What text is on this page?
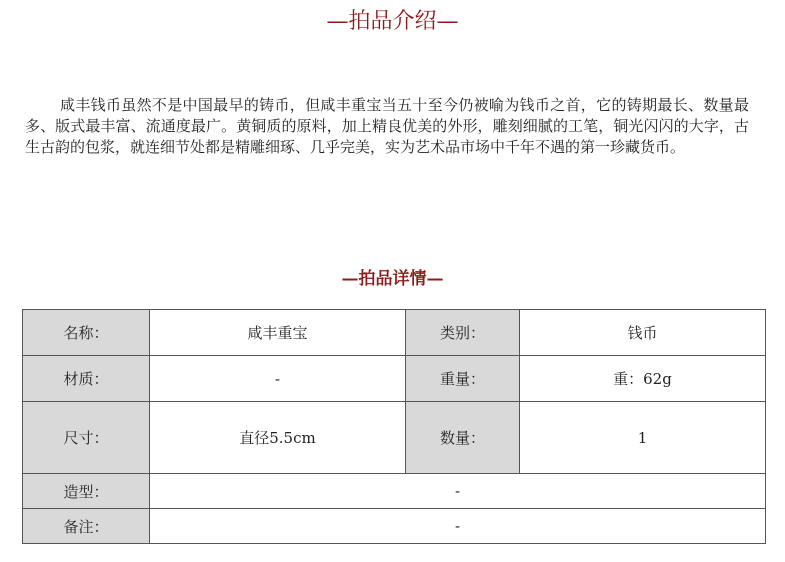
—拍品介绍—

咸丰钱币虽然不是中国最早的铸币，但咸丰重宝当五十至今仍被喻为钱币之首，它的铸期最长、数量最多、版式最丰富、流通度最广。黄铜质的原料，加上精良优美的外形，雕刻细腻的工笔，铜光闪闪的大字，古生古韵的包浆，就连细节处都是精雕细琢、几乎完美，实为艺术品市场中千年不遇的第一珍藏货币。

—拍品详情—
名称：	咸丰重宝	类别：	钱币
材质：	-	重量：	重：62g
尺寸：	直径5.5cm	数量：	1
造型：	-		
备注：	-		
